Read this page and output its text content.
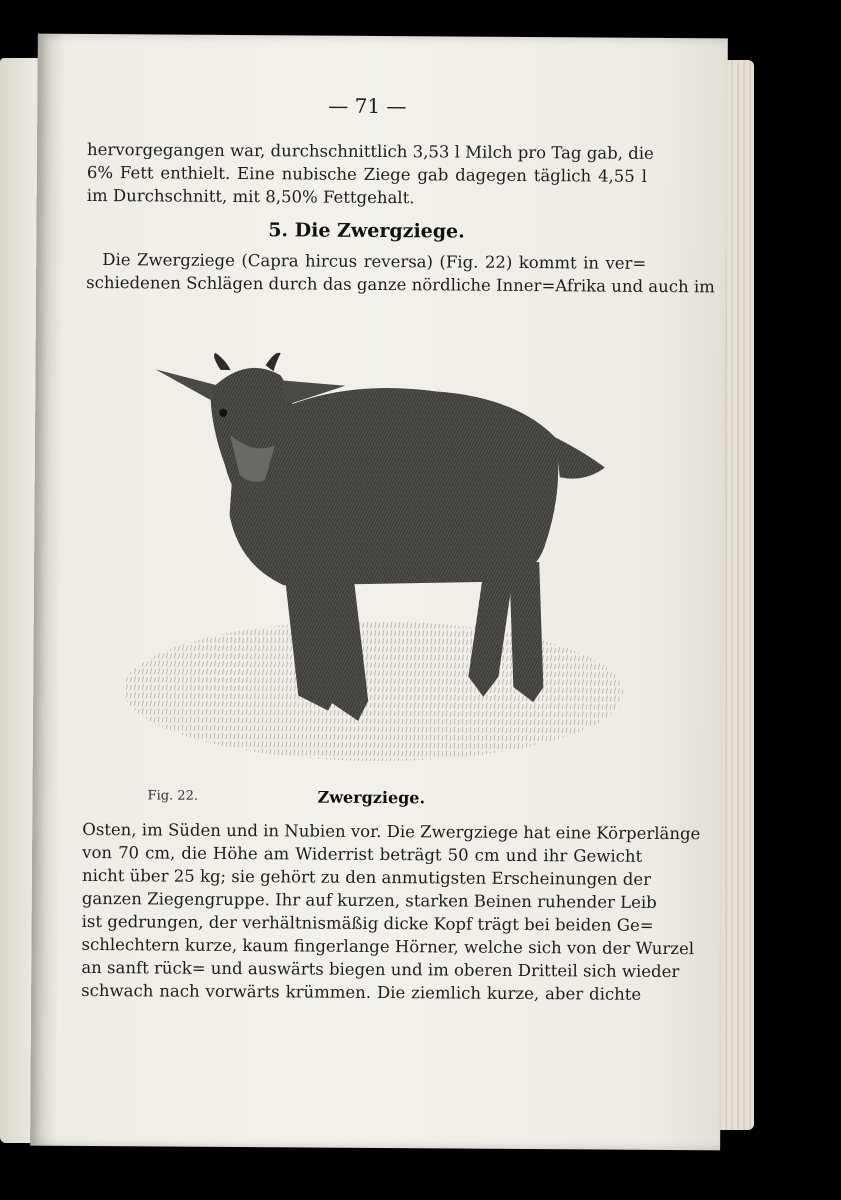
— 71 —
hervorgegangen war, durchschnittlich 3,53 l Milch pro Tag gab, die
6% Fett enthielt. Eine nubische Ziege gab dagegen täglich 4,55 l
im Durchschnitt, mit 8,50% Fettgehalt.
5. Die Zwergziege.
Die Zwergziege (Capra hircus reversa) (Fig. 22) kommt in ver=
schiedenen Schlägen durch das ganze nördliche Inner=Afrika und auch im
Fig. 22.	Zwergziege.
Osten, im Süden und in Nubien vor. Die Zwergziege hat eine Körperlänge
von 70 cm, die Höhe am Widerrist beträgt 50 cm und ihr Gewicht
nicht über 25 kg; sie gehört zu den anmutigsten Erscheinungen der
ganzen Ziegengruppe. Ihr auf kurzen, starken Beinen ruhender Leib
ist gedrungen, der verhältnismäßig dicke Kopf trägt bei beiden Ge=
schlechtern kurze, kaum fingerlange Hörner, welche sich von der Wurzel
an sanft rück= und auswärts biegen und im oberen Dritteil sich wieder
schwach nach vorwärts krümmen. Die ziemlich kurze, aber dichte
